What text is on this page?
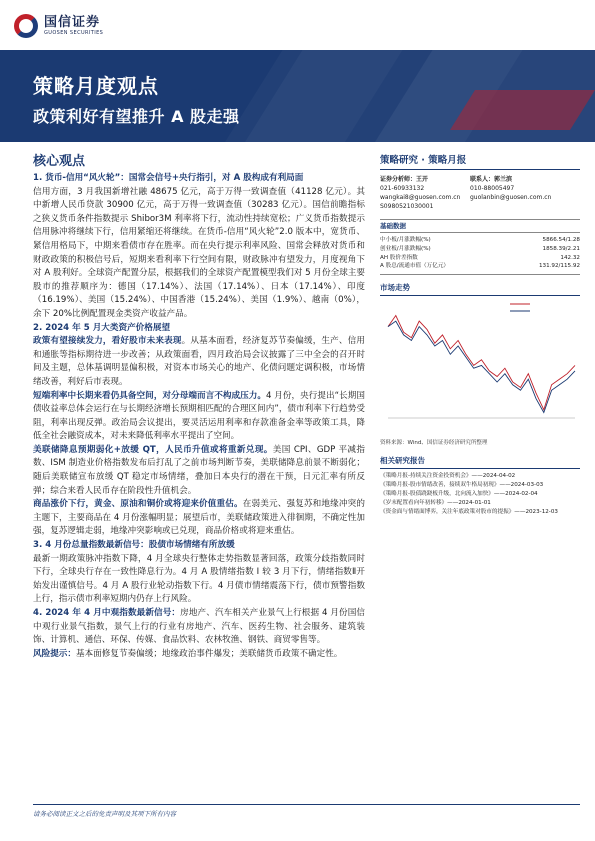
国信证券
GUOSEN SECURITIES
策略月度观点
政策利好有望推升 A 股走强
核心观点
1. 货币-信用“风火轮”：国常会信号+央行指引，对 A 股构成有利局面
信用方面，3 月我国新增社融 48675 亿元，高于万得一致调查值（41128 亿元）。其中新增人民币贷款 30900 亿元，高于万得一致调查值（30283 亿元）。国信前瞻指标之狭义货币条件指数提示 Shibor3M 利率将下行，流动性持续宽松；广义货币指数提示信用脉冲将继续下行，信用紧缩还将继续。在货币-信用“风火轮”2.0 版本中，宽货币、紧信用格局下，中期来看债市存在胜率。而在央行提示利率风险、国常会释放对货币和财政政策的积极信号后，短期来看利率下行空间有限，财政脉冲有望发力，月度视角下对 A 股利好。全球资产配置分层，根据我们的全球资产配置模型我们对 5 月份全球主要股市的推荐顺序为：德国（17.14%）、法国（17.14%）、日本（17.14%）、印度（16.19%）、美国（15.24%）、中国香港（15.24%）、美国（1.9%）、越南（0%），余下 20%比例配置现金类资产收益产品。
2. 2024 年 5 月大类资产价格展望
政策有望接续发力，看好股市未来表现。从基本面看，经济复苏节奏偏缓，生产、信用和通胀等指标期待进一步改善；从政策面看，四月政治局会议披露了三中全会的召开时间及主题，总体基调明显偏积极，对资本市场关心的地产、化债问题定调积极，市场情绪改善，利好后市表现。
短端利率中长期来看仍具备空间，对分母端而言不构成压力。4 月份，央行提出“长期国债收益率总体会运行在与长期经济增长预期相匹配的合理区间内”，债市利率下行趋势受阻，利率出现反弹。政治局会议提出，要灵活运用利率和存款准备金率等政策工具，降低全社会融资成本，对未来降低利率水平提出了空间。
美联储降息预期弱化+放缓 QT，人民币升值或将重新兑现。美国 CPI、GDP 平减指数、ISM 制造业价格指数发布后打乱了之前市场判断节奏，美联储降息前景不断弱化；随后美联储宣布放缓 QT 稳定市场情绪，叠加日本央行的潜在干预，日元汇率有所反弹；综合来看人民币存在阶段性升值机会。
商品涨价下行，黄金、原油和铜价或将迎来价值重估。在弱美元、强复苏和地缘冲突的主题下，主要商品在 4 月份涨幅明显；展望后市，美联储政策进入徘徊期，不确定性加强，复苏逻辑走弱，地缘冲突影响或已兑现，商品价格或将迎来重估。
3. 4 月份总量指数最新信号：股债市场情绪有所放缓
最新一期政策脉冲指数下降，4 月全球央行整体走势指数显著回落，政策分歧指数同时下行，全球央行存在一致性降息行为。4 月 A 股情绪指数 Ⅰ 较 3 月下行，情绪指数Ⅱ开始发出谨慎信号。4 月 A 股行业轮动指数下行。4 月债市情绪震荡下行，债市预警指数上行，指示债市利率短期内仍存上行风险。
4. 2024 年 4 月中观指数最新信号：房地产、汽车相关产业景气上行根据 4 月份国信中观行业景气指数，景气上行的行业有房地产、汽车、医药生物、社会服务、建筑装饰、计算机、通信、环保、传媒、食品饮料、农林牧渔、钢铁、商贸零售等。
风险提示：基本面修复节奏偏缓；地缘政治事件爆发；美联储货币政策不确定性。
策略研究 · 策略月报
证券分析师：王开	联系人：郭兰滨
021-60933132	010-88005497
wangkai8@guosen.com.cn	guolanbin@guosen.com.cn
S0980521030001
基础数据
中小板/月涨跌幅(%)	5866.54/1.28
创业板/月涨跌幅(%)	1858.39/2.21
AH 股价差指数	142.32
A 股总/流通市值（万亿元）	131.92/115.92
市场走势
资料来源：Wind、国信证券经济研究所整理
相关研究报告
《策略月报-持续关注资金投资机会》——2024-04-02
《策略月报-股市情绪改善，接续双牛格局初现》——2024-03-03
《策略月报-股债跷跷板升级，北向流入加快》——2024-02-04
《岁末配置看向年初转移》——2024-01-01
《资金面与情绪面博弈，关注年底政策对股市的提振》——2023-12-03
请务必阅读正文之后的免责声明及其项下所有内容
